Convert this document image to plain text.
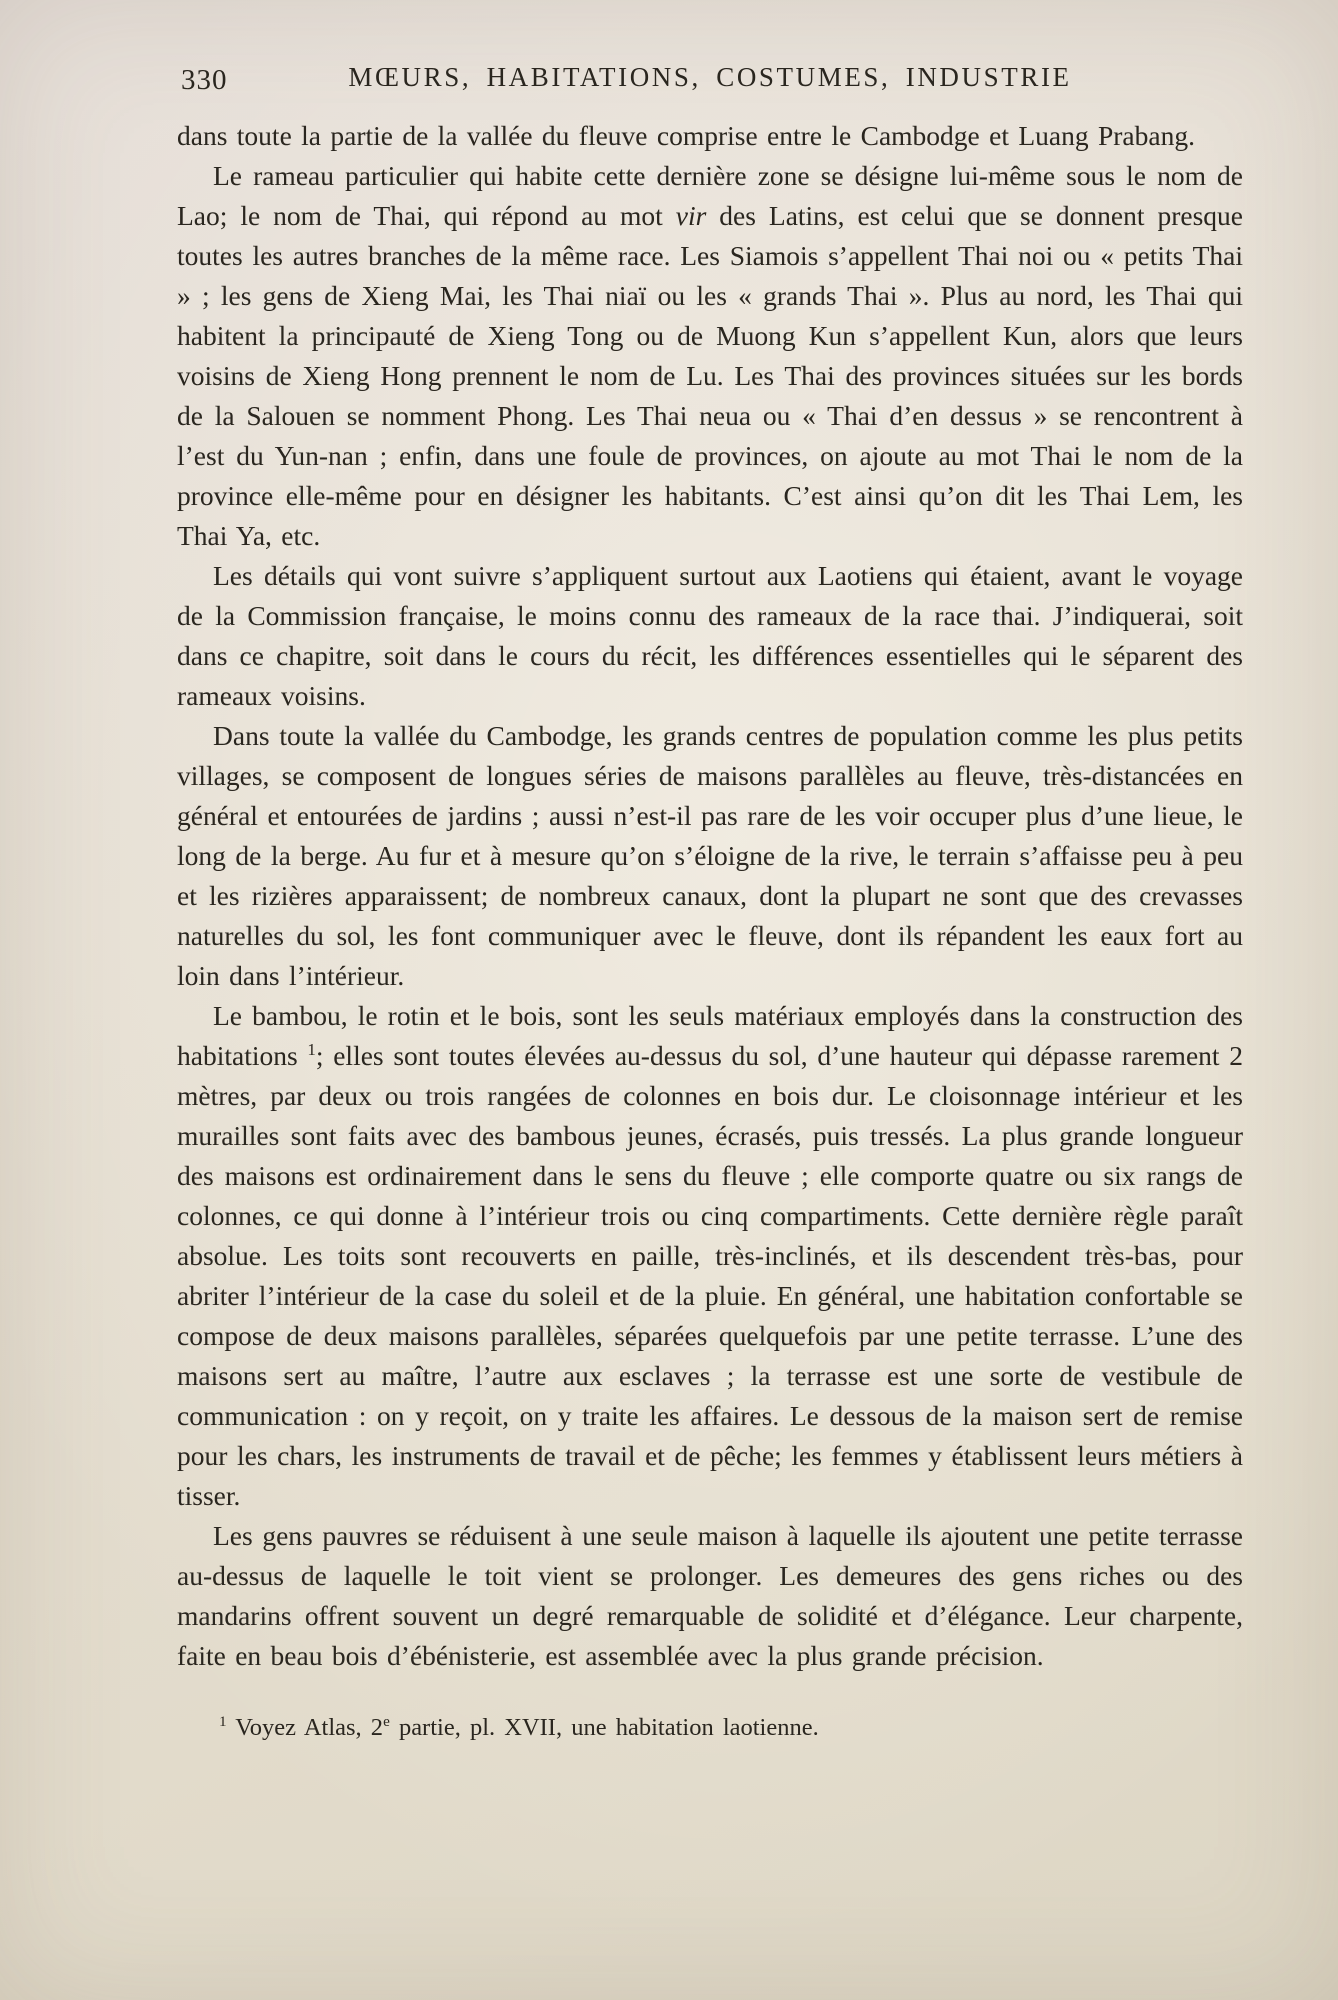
330	MŒURS, HABITATIONS, COSTUMES, INDUSTRIE

dans toute la partie de la vallée du fleuve comprise entre le Cambodge et Luang Prabang.

Le rameau particulier qui habite cette dernière zone se désigne lui-même sous le nom de Lao; le nom de Thai, qui répond au mot vir des Latins, est celui que se donnent presque toutes les autres branches de la même race. Les Siamois s’appellent Thai noi ou « petits Thai » ; les gens de Xieng Mai, les Thai niaï ou les « grands Thai ». Plus au nord, les Thai qui habitent la principauté de Xieng Tong ou de Muong Kun s’appellent Kun, alors que leurs voisins de Xieng Hong prennent le nom de Lu. Les Thai des provinces situées sur les bords de la Salouen se nomment Phong. Les Thai neua ou « Thai d’en dessus » se rencontrent à l’est du Yun-nan ; enfin, dans une foule de provinces, on ajoute au mot Thai le nom de la province elle-même pour en désigner les habitants. C’est ainsi qu’on dit les Thai Lem, les Thai Ya, etc.

Les détails qui vont suivre s’appliquent surtout aux Laotiens qui étaient, avant le voyage de la Commission française, le moins connu des rameaux de la race thai. J’indiquerai, soit dans ce chapitre, soit dans le cours du récit, les différences essentielles qui le séparent des rameaux voisins.

Dans toute la vallée du Cambodge, les grands centres de population comme les plus petits villages, se composent de longues séries de maisons parallèles au fleuve, très-distancées en général et entourées de jardins ; aussi n’est-il pas rare de les voir occuper plus d’une lieue, le long de la berge. Au fur et à mesure qu’on s’éloigne de la rive, le terrain s’affaisse peu à peu et les rizières apparaissent; de nombreux canaux, dont la plupart ne sont que des crevasses naturelles du sol, les font communiquer avec le fleuve, dont ils répandent les eaux fort au loin dans l’intérieur.

Le bambou, le rotin et le bois, sont les seuls matériaux employés dans la construction des habitations $^1$; elles sont toutes élevées au-dessus du sol, d’une hauteur qui dépasse rarement 2 mètres, par deux ou trois rangées de colonnes en bois dur. Le cloisonnage intérieur et les murailles sont faits avec des bambous jeunes, écrasés, puis tressés. La plus grande longueur des maisons est ordinairement dans le sens du fleuve ; elle comporte quatre ou six rangs de colonnes, ce qui donne à l’intérieur trois ou cinq compartiments. Cette dernière règle paraît absolue. Les toits sont recouverts en paille, très-inclinés, et ils descendent très-bas, pour abriter l’intérieur de la case du soleil et de la pluie. En général, une habitation confortable se compose de deux maisons parallèles, séparées quelquefois par une petite terrasse. L’une des maisons sert au maître, l’autre aux esclaves ; la terrasse est une sorte de vestibule de communication : on y reçoit, on y traite les affaires. Le dessous de la maison sert de remise pour les chars, les instruments de travail et de pêche; les femmes y établissent leurs métiers à tisser.

Les gens pauvres se réduisent à une seule maison à laquelle ils ajoutent une petite terrasse au-dessus de laquelle le toit vient se prolonger. Les demeures des gens riches ou des mandarins offrent souvent un degré remarquable de solidité et d’élégance. Leur charpente, faite en beau bois d’ébénisterie, est assemblée avec la plus grande précision.

$^1$ Voyez Atlas, 2e partie, pl. XVII, une habitation laotienne.
